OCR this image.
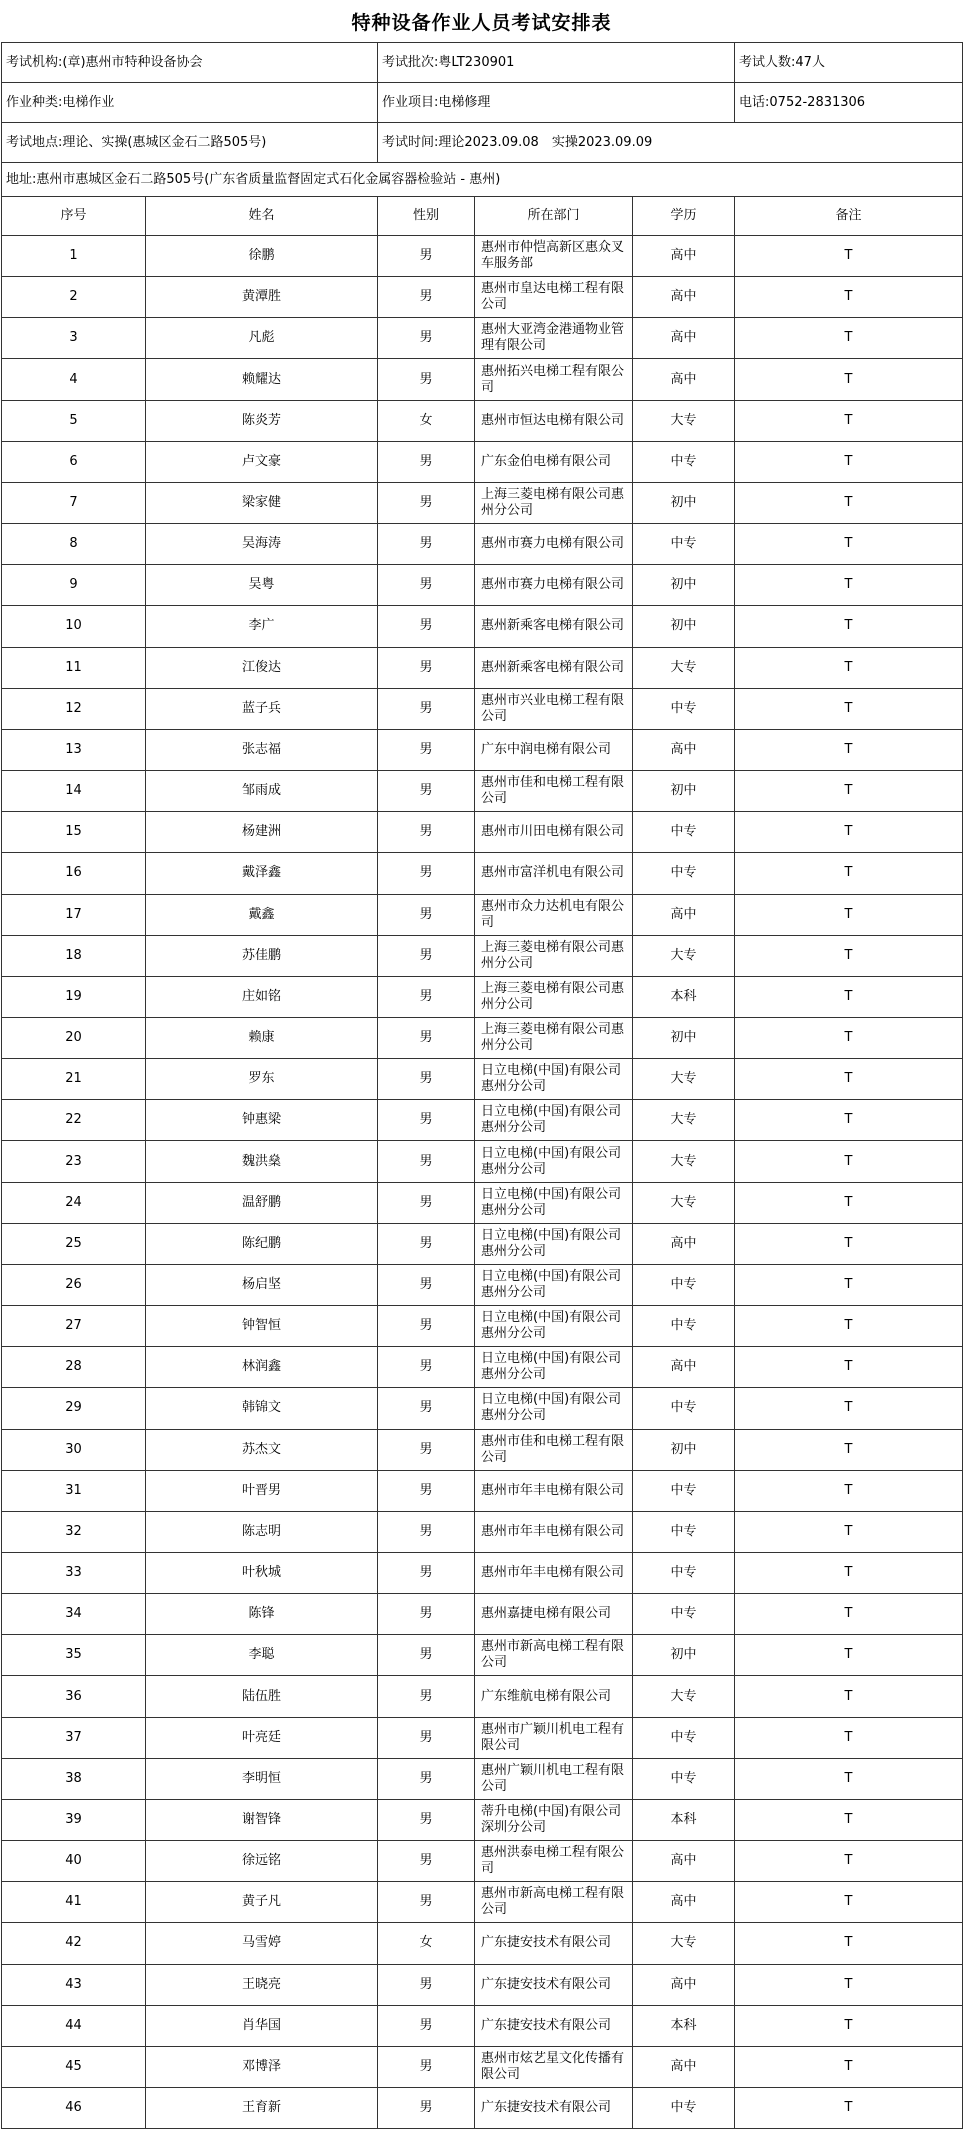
特种设备作业人员考试安排表
考试机构:(章)惠州市特种设备协会		考试批次:粤LT230901			考试人数:47人
作业种类:电梯作业		作业项目:电梯修理			电话:0752-2831306
考试地点:理论、实操(惠城区金石二路505号)		考试时间:理论2023.09.08　实操2023.09.09			
地址:惠州市惠城区金石二路505号(广东省质量监督固定式石化金属容器检验站 - 惠州)					
序号	姓名	性别	所在部门	学历	备注
1	徐鹏	男	惠州市仲恺高新区惠众叉车服务部	高中	T
2	黄潭胜	男	惠州市皇达电梯工程有限公司	高中	T
3	凡彪	男	惠州大亚湾金港通物业管理有限公司	高中	T
4	赖耀达	男	惠州拓兴电梯工程有限公司	高中	T
5	陈炎芳	女	惠州市恒达电梯有限公司	大专	T
6	卢文豪	男	广东金伯电梯有限公司	中专	T
7	梁家健	男	上海三菱电梯有限公司惠州分公司	初中	T
8	吴海涛	男	惠州市赛力电梯有限公司	中专	T
9	吴粤	男	惠州市赛力电梯有限公司	初中	T
10	李广	男	惠州新乘客电梯有限公司	初中	T
11	江俊达	男	惠州新乘客电梯有限公司	大专	T
12	蓝子兵	男	惠州市兴业电梯工程有限公司	中专	T
13	张志福	男	广东中润电梯有限公司	高中	T
14	邹雨成	男	惠州市佳和电梯工程有限公司	初中	T
15	杨建洲	男	惠州市川田电梯有限公司	中专	T
16	戴泽鑫	男	惠州市富洋机电有限公司	中专	T
17	戴鑫	男	惠州市众力达机电有限公司	高中	T
18	苏佳鹏	男	上海三菱电梯有限公司惠州分公司	大专	T
19	庄如铭	男	上海三菱电梯有限公司惠州分公司	本科	T
20	赖康	男	上海三菱电梯有限公司惠州分公司	初中	T
21	罗东	男	日立电梯(中国)有限公司惠州分公司	大专	T
22	钟惠梁	男	日立电梯(中国)有限公司惠州分公司	大专	T
23	魏洪燊	男	日立电梯(中国)有限公司惠州分公司	大专	T
24	温舒鹏	男	日立电梯(中国)有限公司惠州分公司	大专	T
25	陈纪鹏	男	日立电梯(中国)有限公司惠州分公司	高中	T
26	杨启坚	男	日立电梯(中国)有限公司惠州分公司	中专	T
27	钟智恒	男	日立电梯(中国)有限公司惠州分公司	中专	T
28	林润鑫	男	日立电梯(中国)有限公司惠州分公司	高中	T
29	韩锦文	男	日立电梯(中国)有限公司惠州分公司	中专	T
30	苏杰文	男	惠州市佳和电梯工程有限公司	初中	T
31	叶晋男	男	惠州市年丰电梯有限公司	中专	T
32	陈志明	男	惠州市年丰电梯有限公司	中专	T
33	叶秋城	男	惠州市年丰电梯有限公司	中专	T
34	陈锋	男	惠州嘉捷电梯有限公司	中专	T
35	李聪	男	惠州市新高电梯工程有限公司	初中	T
36	陆伍胜	男	广东维航电梯有限公司	大专	T
37	叶亮廷	男	惠州市广颖川机电工程有限公司	中专	T
38	李明恒	男	惠州广颖川机电工程有限公司	中专	T
39	谢智锋	男	蒂升电梯(中国)有限公司深圳分公司	本科	T
40	徐远铭	男	惠州洪泰电梯工程有限公司	高中	T
41	黄子凡	男	惠州市新高电梯工程有限公司	高中	T
42	马雪婷	女	广东捷安技术有限公司	大专	T
43	王晓亮	男	广东捷安技术有限公司	高中	T
44	肖华国	男	广东捷安技术有限公司	本科	T
45	邓博泽	男	惠州市炫艺星文化传播有限公司	高中	T
46	王育新	男	广东捷安技术有限公司	中专	T
